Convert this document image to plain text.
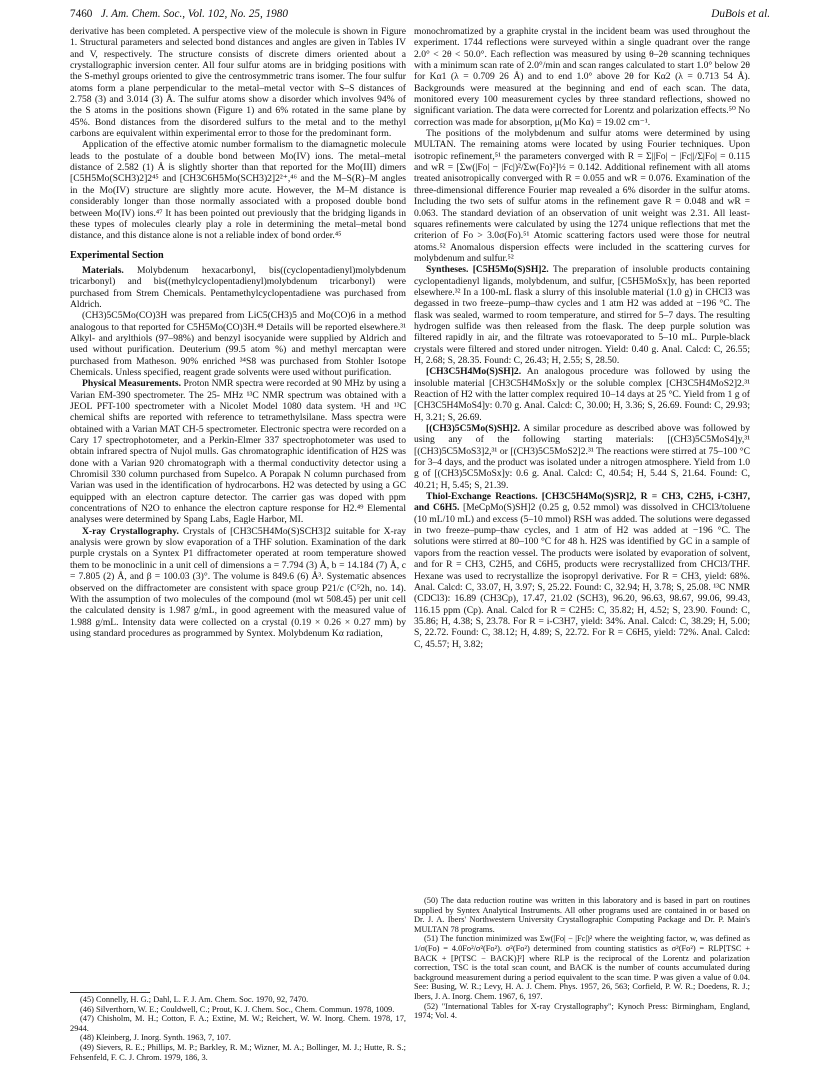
7460 J. Am. Chem. Soc., Vol. 102, No. 25, 1980	DuBois et al.

derivative has been completed. A perspective view of the molecule is shown in Figure 1. Structural parameters and selected bond distances and angles are given in Tables IV and V, respectively. The structure consists of discrete dimers oriented about a crystallographic inversion center. All four sulfur atoms are in bridging positions with the S-methyl groups oriented to give the centrosymmetric trans isomer. The four sulfur atoms form a plane perpendicular to the metal–metal vector with S–S distances of 2.758 (3) and 3.014 (3) Å. The sulfur atoms show a disorder which involves 94% of the S atoms in the positions shown (Figure 1) and 6% rotated in the same plane by 45%. Bond distances from the disordered sulfurs to the metal and to the methyl carbons are equivalent within experimental error to those for the predominant form.

Application of the effective atomic number formalism to the diamagnetic molecule leads to the postulate of a double bond between Mo(IV) ions. The metal–metal distance of 2.582 (1) Å is slightly shorter than that reported for the Mo(III) dimers [C5H5Mo(SCH3)2]2⁴⁵ and [CH3C6H5Mo(SCH3)2]2²⁺,⁴⁶ and the M–S(R)–M angles in the Mo(IV) structure are slightly more acute. However, the M–M distance is considerably longer than those normally associated with a proposed double bond between Mo(IV) ions.⁴⁷ It has been pointed out previously that the bridging ligands in these types of molecules clearly play a role in determining the metal–metal bond distance, and this distance alone is not a reliable index of bond order.⁴⁵

Experimental Section

Materials. Molybdenum hexacarbonyl, bis((cyclopentadienyl)molybdenum tricarbonyl) and bis((methylcyclopentadienyl)molybdenum tricarbonyl) were purchased from Strem Chemicals. Pentamethylcyclopentadiene was purchased from Aldrich.

(CH3)5C5Mo(CO)3H was prepared from LiC5(CH3)5 and Mo(CO)6 in a method analogous to that reported for C5H5Mo(CO)3H.⁴⁸ Details will be reported elsewhere.³¹ Alkyl- and arylthiols (97–98%) and benzyl isocyanide were supplied by Aldrich and used without purification. Deuterium (99.5 atom %) and methyl mercaptan were purchased from Matheson. 90% enriched ³⁴S8 was purchased from Stohler Isotope Chemicals. Unless specified, reagent grade solvents were used without purification.

Physical Measurements. Proton NMR spectra were recorded at 90 MHz by using a Varian EM-390 spectrometer. The 25- MHz ¹³C NMR spectrum was obtained with a JEOL PFT-100 spectrometer with a Nicolet Model 1080 data system. ¹H and ¹³C chemical shifts are reported with reference to tetramethylsilane. Mass spectra were obtained with a Varian MAT CH-5 spectrometer. Electronic spectra were recorded on a Cary 17 spectrophotometer, and a Perkin-Elmer 337 spectrophotometer was used to obtain infrared spectra of Nujol mulls. Gas chromatographic identification of H2S was done with a Varian 920 chromatograph with a thermal conductivity detector using a Chromisil 330 column purchased from Supelco. A Porapak N column purchased from Varian was used in the identification of hydrocarbons. H2 was detected by using a GC equipped with an electron capture detector. The carrier gas was doped with ppm concentrations of N2O to enhance the electron capture response for H2.⁴⁹ Elemental analyses were determined by Spang Labs, Eagle Harbor, MI.

X-ray Crystallography. Crystals of [CH3C5H4Mo(S)SCH3]2 suitable for X-ray analysis were grown by slow evaporation of a THF solution. Examination of the dark purple crystals on a Syntex P1 diffractometer operated at room temperature showed them to be monoclinic in a unit cell of dimensions a = 7.794 (3) Å, b = 14.184 (7) Å, c = 7.805 (2) Å, and β = 100.03 (3)°. The volume is 849.6 (6) Å³. Systematic absences observed on the diffractometer are consistent with space group P21/c (C⁵2h, no. 14). With the assumption of two molecules of the compound (mol wt 508.45) per unit cell the calculated density is 1.987 g/mL, in good agreement with the measured value of 1.988 g/mL. Intensity data were collected on a crystal (0.19 × 0.26 × 0.27 mm) by using standard procedures as programmed by Syntex. Molybdenum Kα radiation,

monochromatized by a graphite crystal in the incident beam was used throughout the experiment. 1744 reflections were surveyed within a single quadrant over the range 2.0° < 2θ < 50.0°. Each reflection was measured by using θ–2θ scanning techniques with a minimum scan rate of 2.0°/min and scan ranges calculated to start 1.0° below 2θ for Kα1 (λ = 0.709 26 Å) and to end 1.0° above 2θ for Kα2 (λ = 0.713 54 Å). Backgrounds were measured at the beginning and end of each scan. The data, monitored every 100 measurement cycles by three standard reflections, showed no significant variation. The data were corrected for Lorentz and polarization effects.⁵⁰ No correction was made for absorption, μ(Mo Kα) = 19.02 cm⁻¹.

The positions of the molybdenum and sulfur atoms were determined by using MULTAN. The remaining atoms were located by using Fourier techniques. Upon isotropic refinement,⁵¹ the parameters converged with R = Σ||Fo| − |Fc||/Σ|Fo| = 0.115 and wR = [Σw(|Fo| − |Fc|)²/Σw(Fo)²]½ = 0.142. Additional refinement with all atoms treated anisotropically converged with R = 0.055 and wR = 0.076. Examination of the three-dimensional difference Fourier map revealed a 6% disorder in the sulfur atoms. Including the two sets of sulfur atoms in the refinement gave R = 0.048 and wR = 0.063. The standard deviation of an observation of unit weight was 2.31. All least-squares refinements were calculated by using the 1274 unique reflections that met the criterion of Fo > 3.0σ(Fo).⁵¹ Atomic scattering factors used were those for neutral atoms.⁵² Anomalous dispersion effects were included in the scattering curves for molybdenum and sulfur.⁵²

Syntheses. [C5H5Mo(S)SH]2. The preparation of insoluble products containing cyclopentadienyl ligands, molybdenum, and sulfur, [C5H5MoSx]y, has been reported elsewhere.³² In a 100-mL flask a slurry of this insoluble material (1.0 g) in CHCl3 was degassed in two freeze–pump–thaw cycles and 1 atm H2 was added at −196 °C. The flask was sealed, warmed to room temperature, and stirred for 5–7 days. The resulting hydrogen sulfide was then released from the flask. The deep purple solution was filtered rapidly in air, and the filtrate was rotoevaporated to 5–10 mL. Purple-black crystals were filtered and stored under nitrogen. Yield: 0.40 g. Anal. Calcd: C, 26.55; H, 2.68; S, 28.35. Found: C, 26.43; H, 2.55; S, 28.50.

[CH3C5H4Mo(S)SH]2. An analogous procedure was followed by using the insoluble material [CH3C5H4MoSx]y or the soluble complex [CH3C5H4MoS2]2.³¹ Reaction of H2 with the latter complex required 10–14 days at 25 °C. Yield from 1 g of [CH3C5H4MoS4]y: 0.70 g. Anal. Calcd: C, 30.00; H, 3.36; S, 26.69. Found: C, 29.93; H, 3.21; S, 26.69.

[(CH3)5C5Mo(S)SH]2. A similar procedure as described above was followed by using any of the following starting materials: [(CH3)5C5MoS4]y,³¹ [(CH3)5C5MoS3]2,³¹ or [(CH3)5C5MoS2]2.³¹ The reactions were stirred at 75–100 °C for 3–4 days, and the product was isolated under a nitrogen atmosphere. Yield from 1.0 g of [(CH3)5C5MoSx]y: 0.6 g. Anal. Calcd: C, 40.54; H, 5.44 S, 21.64. Found: C, 40.21; H, 5.45; S, 21.39.

Thiol-Exchange Reactions. [CH3C5H4Mo(S)SR]2, R = CH3, C2H5, i-C3H7, and C6H5. [MeCpMo(S)SH]2 (0.25 g, 0.52 mmol) was dissolved in CHCl3/toluene (10 mL/10 mL) and excess (5–10 mmol) RSH was added. The solutions were degassed in two freeze–pump–thaw cycles, and 1 atm of H2 was added at −196 °C. The solutions were stirred at 80–100 °C for 48 h. H2S was identified by GC in a sample of vapors from the reaction vessel. The products were isolated by evaporation of solvent, and for R = CH3, C2H5, and C6H5, products were recrystallized from CHCl3/THF. Hexane was used to recrystallize the isopropyl derivative. For R = CH3, yield: 68%. Anal. Calcd: C, 33.07, H, 3.97; S, 25.22. Found: C, 32.94; H, 3.78; S, 25.08. ¹³C NMR (CDCl3): 16.89 (CH3Cp), 17.47, 21.02 (SCH3), 96.20, 96.63, 98.67, 99.06, 99.43, 116.15 ppm (Cp). Anal. Calcd for R = C2H5: C, 35.82; H, 4.52; S, 23.90. Found: C, 35.86; H, 4.38; S, 23.78. For R = i-C3H7, yield: 34%. Anal. Calcd: C, 38.29; H, 5.00; S, 22.72. Found: C, 38.12; H, 4.89; S, 22.72. For R = C6H5, yield: 72%. Anal. Calcd: C, 45.57; H, 3.82;

(45) Connelly, H. G.; Dahl, L. F. J. Am. Chem. Soc. 1970, 92, 7470.
(46) Silverthorn, W. E.; Couldwell, C.; Prout, K. J. Chem. Soc., Chem. Commun. 1978, 1009.
(47) Chisholm, M. H.; Cotton, F. A.; Extine, M. W.; Reichert, W. W. Inorg. Chem. 1978, 17, 2944.
(48) Kleinberg, J. Inorg. Synth. 1963, 7, 107.
(49) Sievers, R. E.; Phillips, M. P.; Barkley, R. M.; Wizner, M. A.; Bollinger, M. J.; Hutte, R. S.; Fehsenfeld, F. C. J. Chrom. 1979, 186, 3.
(50) The data reduction routine was written in this laboratory and is based in part on routines supplied by Syntex Analytical Instruments. All other programs used are contained in or based on Dr. J. A. Ibers' Northwestern University Crystallographic Computing Package and Dr. P. Main's MULTAN 78 programs.
(51) The function minimized was Σw(|Fo| − |Fc|)² where the weighting factor, w, was defined as 1/σ(Fo) = 4.0Fo²/σ²(Fo²). σ²(Fo²) determined from counting statistics as σ²(Fo²) = RLP[TSC + BACK + [P(TSC − BACK)]²] where RLP is the reciprocal of the Lorentz and polarization correction, TSC is the total scan count, and BACK is the number of counts accumulated during background measurement during a period equivalent to the scan time. P was given a value of 0.04. See: Busing, W. R.; Levy, H. A. J. Chem. Phys. 1957, 26, 563; Corfield, P. W. R.; Doedens, R. J.; Ibers, J. A. Inorg. Chem. 1967, 6, 197.
(52) "International Tables for X-ray Crystallography"; Kynoch Press: Birmingham, England, 1974; Vol. 4.
